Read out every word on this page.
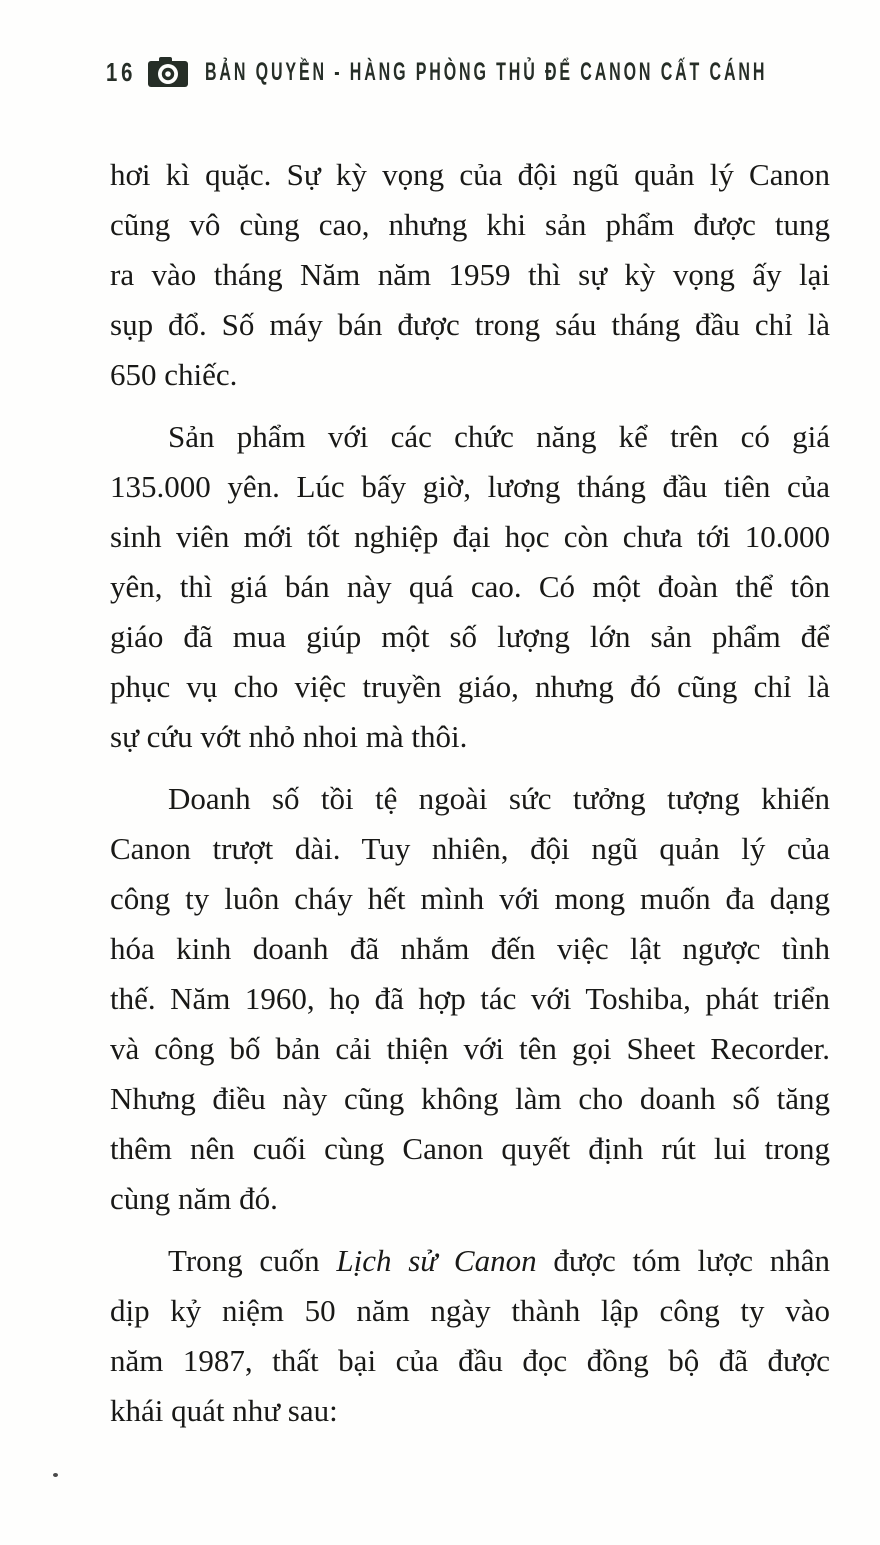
16	BẢN QUYỀN - HÀNG PHÒNG THỦ ĐỂ CANON CẤT CÁNH
hơi kì quặc. Sự kỳ vọng của đội ngũ quản lý Canon
cũng vô cùng cao, nhưng khi sản phẩm được tung
ra vào tháng Năm năm 1959 thì sự kỳ vọng ấy lại
sụp đổ. Số máy bán được trong sáu tháng đầu chỉ là
650 chiếc.
Sản phẩm với các chức năng kể trên có giá
135.000 yên. Lúc bấy giờ, lương tháng đầu tiên của
sinh viên mới tốt nghiệp đại học còn chưa tới 10.000
yên, thì giá bán này quá cao. Có một đoàn thể tôn
giáo đã mua giúp một số lượng lớn sản phẩm để
phục vụ cho việc truyền giáo, nhưng đó cũng chỉ là
sự cứu vớt nhỏ nhoi mà thôi.
Doanh số tồi tệ ngoài sức tưởng tượng khiến
Canon trượt dài. Tuy nhiên, đội ngũ quản lý của
công ty luôn cháy hết mình với mong muốn đa dạng
hóa kinh doanh đã nhắm đến việc lật ngược tình
thế. Năm 1960, họ đã hợp tác với Toshiba, phát triển
và công bố bản cải thiện với tên gọi Sheet Recorder.
Nhưng điều này cũng không làm cho doanh số tăng
thêm nên cuối cùng Canon quyết định rút lui trong
cùng năm đó.
Trong cuốn Lịch sử Canon được tóm lược nhân
dịp kỷ niệm 50 năm ngày thành lập công ty vào
năm 1987, thất bại của đầu đọc đồng bộ đã được
khái quát như sau:
